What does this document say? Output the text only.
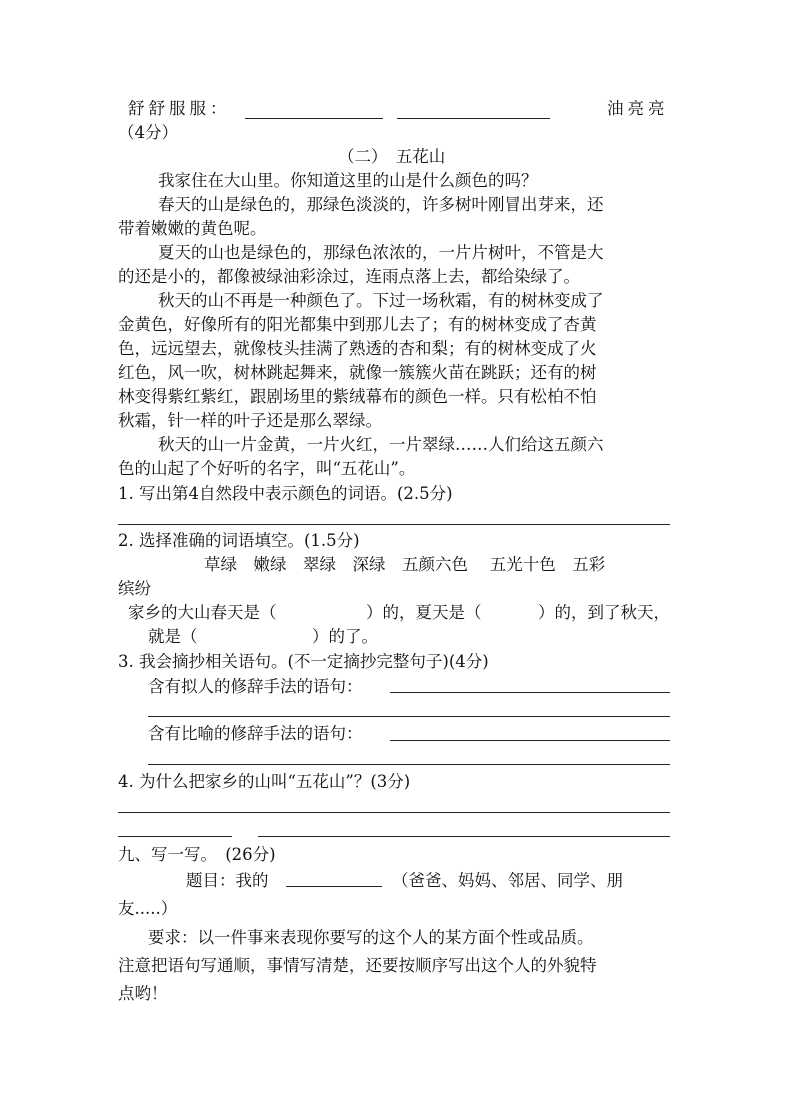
舒舒服服：	油亮亮
（4分）
（二）　五花山
我家住在大山里。你知道这里的山是什么颜色的吗？
春天的山是绿色的，那绿色淡淡的，许多树叶刚冒出芽来，还
带着嫩嫩的黄色呢。
夏天的山也是绿色的，那绿色浓浓的，一片片树叶，不管是大
的还是小的，都像被绿油彩涂过，连雨点落上去，都给染绿了。
秋天的山不再是一种颜色了。下过一场秋霜，有的树林变成了
金黄色，好像所有的阳光都集中到那儿去了；有的树林变成了杏黄
色，远远望去，就像枝头挂满了熟透的杏和梨；有的树林变成了火
红色，风一吹，树林跳起舞来，就像一簇簇火苗在跳跃；还有的树
林变得紫红紫红，跟剧场里的紫绒幕布的颜色一样。只有松柏不怕
秋霜，针一样的叶子还是那么翠绿。
秋天的山一片金黄，一片火红，一片翠绿……人们给这五颜六
色的山起了个好听的名字，叫“五花山”。
1. 写出第4自然段中表示颜色的词语。(2.5分)
2. 选择准确的词语填空。(1.5分)
草绿　嫩绿　翠绿　深绿　五颜六色　 五光十色　五彩
缤纷
家乡的大山春天是（	）的，夏天是（	）的，到了秋天，
就是（	）的了。
3. 我会摘抄相关语句。(不一定摘抄完整句子)(4分)
含有拟人的修辞手法的语句：
含有比喻的修辞手法的语句：
4. 为什么把家乡的山叫“五花山”？(3分)
九、写一写。　(26分)
题目：我的	（爸爸、妈妈、邻居、同学、朋
友.....）
要求：以一件事来表现你要写的这个人的某方面个性或品质。
注意把语句写通顺，事情写清楚，还要按顺序写出这个人的外貌特
点哟！
